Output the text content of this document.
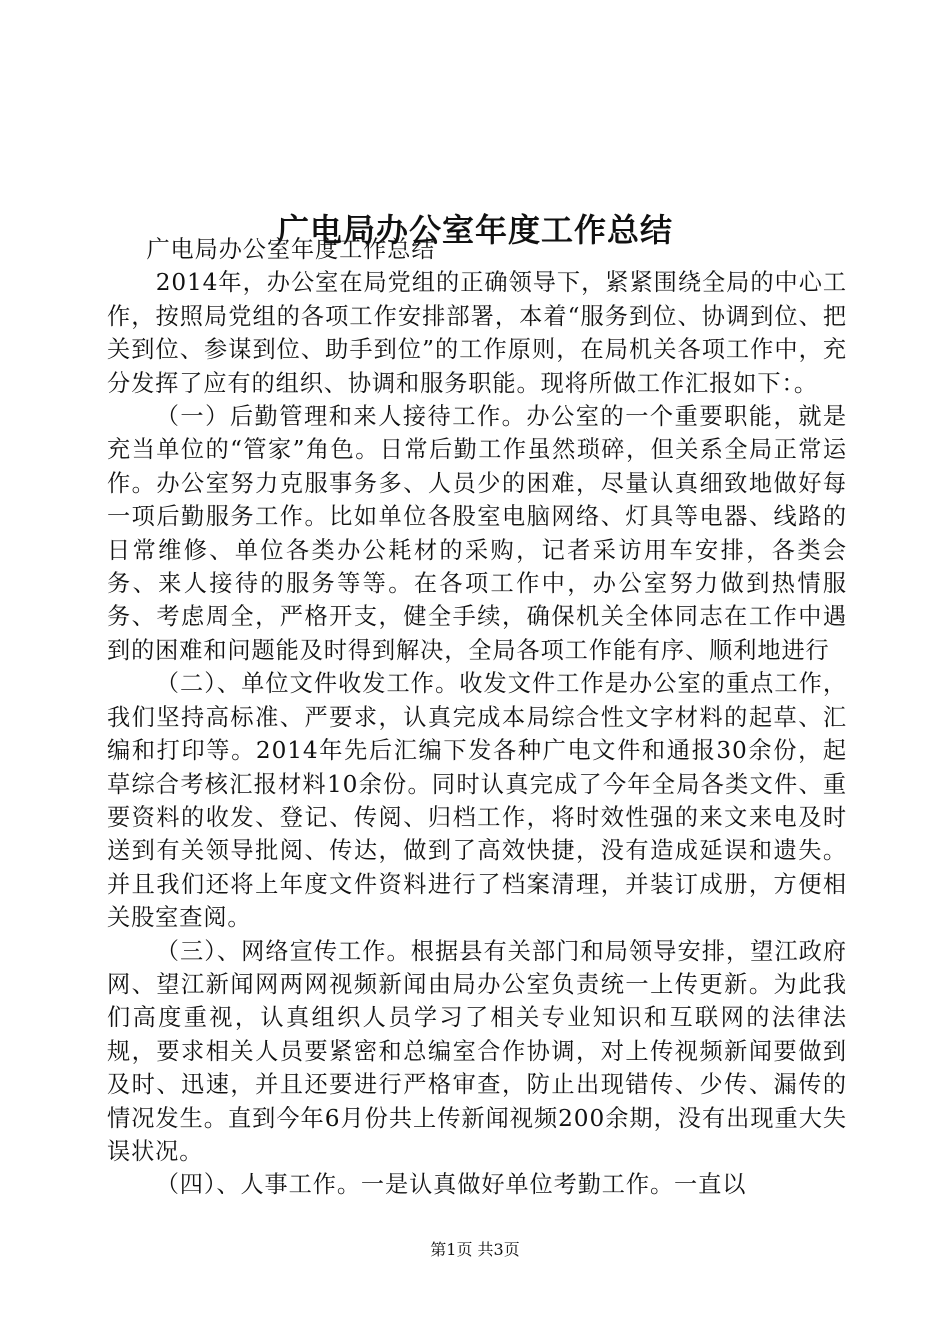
广电局办公室年度工作总结

广电局办公室年度工作总结

2014年，办公室在局党组的正确领导下，紧紧围绕全局的中心工作，按照局党组的各项工作安排部署，本着“服务到位、协调到位、把关到位、参谋到位、助手到位”的工作原则，在局机关各项工作中，充分发挥了应有的组织、协调和服务职能。现将所做工作汇报如下：。

（一）后勤管理和来人接待工作。办公室的一个重要职能，就是充当单位的“管家”角色。日常后勤工作虽然琐碎，但关系全局正常运作。办公室努力克服事务多、人员少的困难，尽量认真细致地做好每一项后勤服务工作。比如单位各股室电脑网络、灯具等电器、线路的日常维修、单位各类办公耗材的采购，记者采访用车安排，各类会务、来人接待的服务等等。在各项工作中，办公室努力做到热情服务、考虑周全，严格开支，健全手续，确保机关全体同志在工作中遇到的困难和问题能及时得到解决，全局各项工作能有序、顺利地进行

（二）、单位文件收发工作。收发文件工作是办公室的重点工作，我们坚持高标准、严要求，认真完成本局综合性文字材料的起草、汇编和打印等。2014年先后汇编下发各种广电文件和通报30余份，起草综合考核汇报材料10余份。同时认真完成了今年全局各类文件、重要资料的收发、登记、传阅、归档工作，将时效性强的来文来电及时送到有关领导批阅、传达，做到了高效快捷，没有造成延误和遗失。并且我们还将上年度文件资料进行了档案清理，并装订成册，方便相关股室查阅。

（三）、网络宣传工作。根据县有关部门和局领导安排，望江政府网、望江新闻网两网视频新闻由局办公室负责统一上传更新。为此我们高度重视，认真组织人员学习了相关专业知识和互联网的法律法规，要求相关人员要紧密和总编室合作协调，对上传视频新闻要做到及时、迅速，并且还要进行严格审查，防止出现错传、少传、漏传的情况发生。直到今年6月份共上传新闻视频200余期，没有出现重大失误状况。

（四）、人事工作。一是认真做好单位考勤工作。一直以

第1页 共3页
